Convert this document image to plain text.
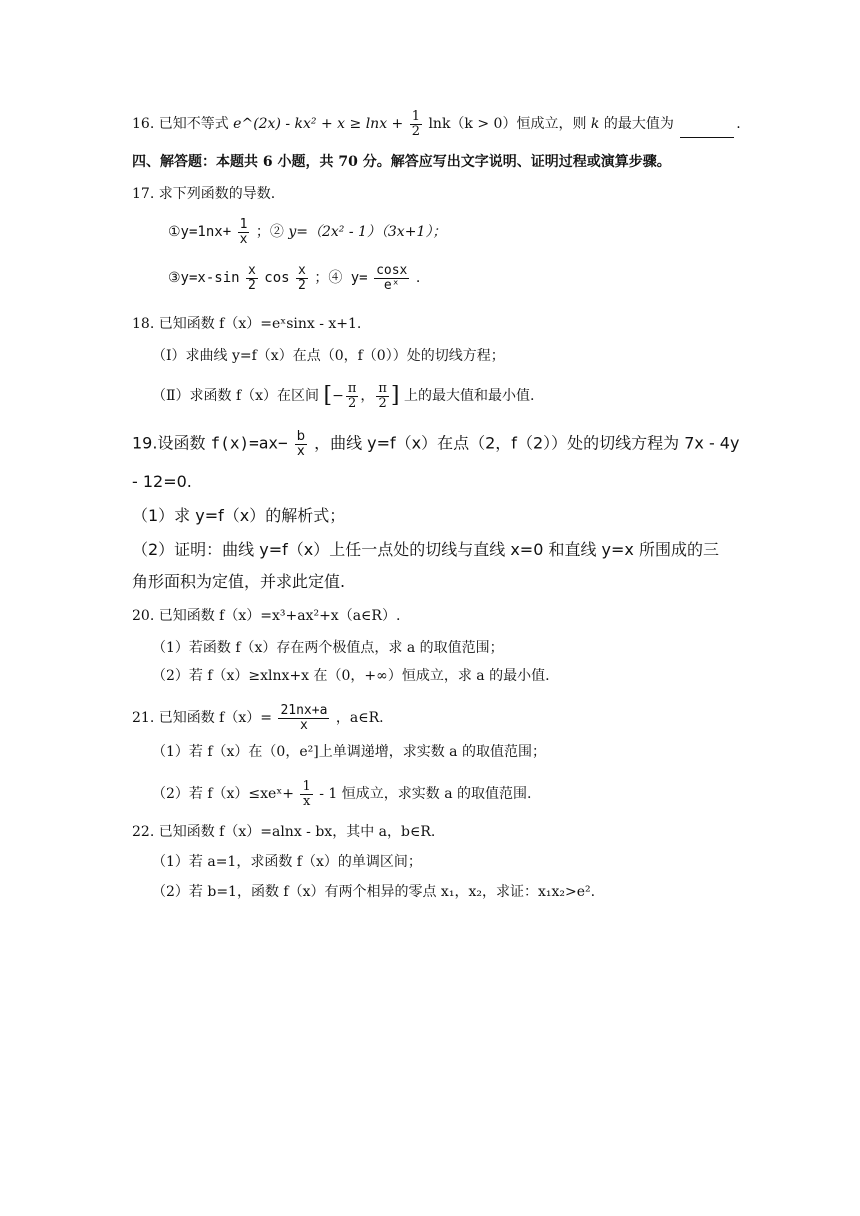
16. 已知不等式 e^(2x) - $kx^2 + x \ge \ln x + \frac{1}{2} \ln k(k > 0)$恒成立，则 k 的最大值为	.
四、解答题：本题共 6 小题，共 70 分。解答应写出文字说明、证明过程或演算步骤。
17. 求下列函数的导数.
①y=1nx+ $\frac{1}{x}$ ；② y=（2x² - 1）（3x+1）；
③y=x-sin $\frac{x}{2}$ $\cos \frac{x}{2}$ ；④ $y= \frac{\cos x}{\text{eˣ}}$ .
18. 已知函数 f（x）=eˣsinx - x+1.
（Ⅰ）求曲线 y=f（x）在点（0，f（0））处的切线方程；
（Ⅱ）求函数 f（x）在区间 [− $\frac{\pi}{2}$ ， $\frac{\pi}{2}$ ] 上的最大值和最小值.
19.设函数 $f(x)=ax- \frac{b}{x}$ ，曲线 y=f（x）在点（2，f（2））处的切线方程为 7x - 4y
- 12=0.
（1）求 y=f（x）的解析式；
（2）证明：曲线 y=f（x）上任一点处的切线与直线 x=0 和直线 y=x 所围成的三
角形面积为定值，并求此定值.
20. 已知函数 f（x）=x³+ax²+x（a∈R）.
（1）若函数 f（x）存在两个极值点，求 a 的取值范围；
（2）若 f（x）≥xlnx+x 在（0，+∞）恒成立，求 a 的最小值.
21. 已知函数 $f(x)= \frac{21nx+a}{x}$ ，a∈R.
（1）若 f（x）在（0，e²]上单调递增，求实数 a 的取值范围；
（2）若 f（x）≤xeˣ+ $\frac{1}{x} - 1$ 恒成立，求实数 a 的取值范围.
22. 已知函数 f（x）=alnx - bx，其中 a，b∈R.
（1）若 a=1，求函数 f（x）的单调区间；
（2）若 b=1，函数 f（x）有两个相异的零点 x₁，x₂，求证：x₁x₂>e².
